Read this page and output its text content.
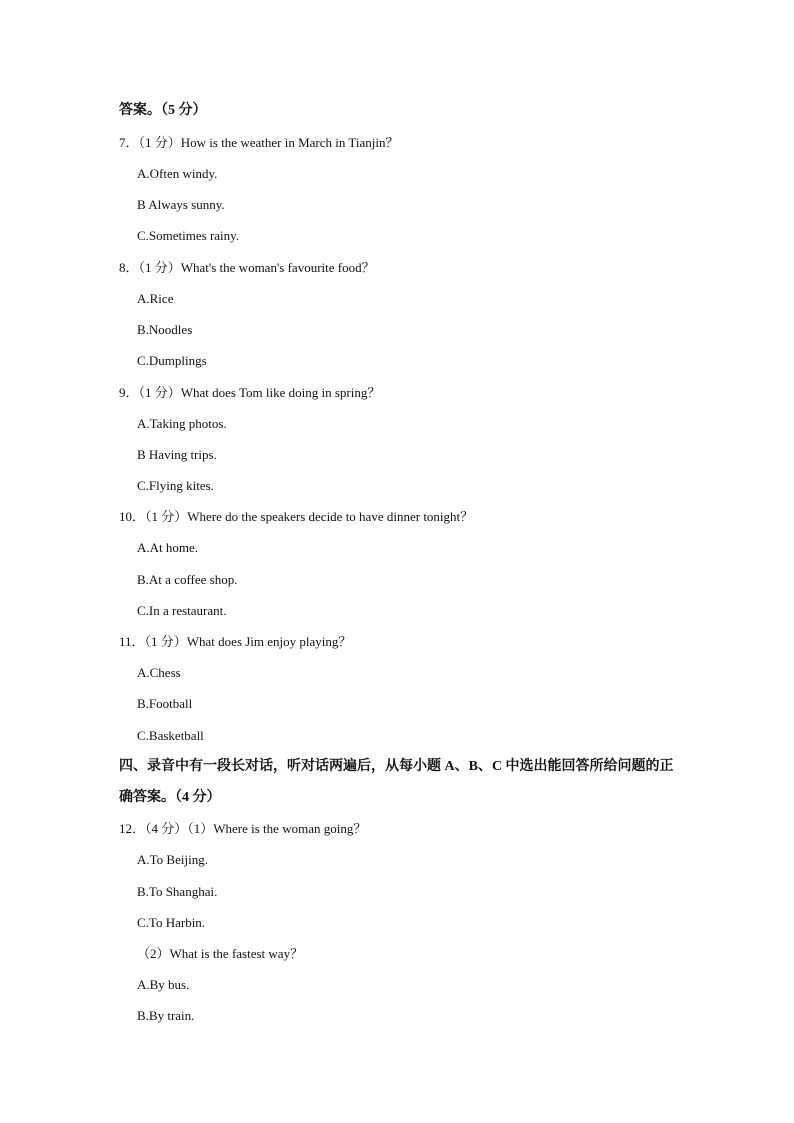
答案。（5 分）
7．（1 分）How is the weather in March in Tianjin？
A.Often windy.
B Always sunny.
C.Sometimes rainy.
8．（1 分）What's the woman's favourite food？
A.Rice
B.Noodles
C.Dumplings
9．（1 分）What does Tom like doing in spring？
A.Taking photos.
B Having trips.
C.Flying kites.
10．（1 分）Where do the speakers decide to have dinner tonight？
A.At home.
B.At a coffee shop.
C.In a restaurant.
11．（1 分）What does Jim enjoy playing？
A.Chess
B.Football
C.Basketball
四、录音中有一段长对话，听对话两遍后，从每小题 A、B、C 中选出能回答所给问题的正
确答案。（4 分）
12．（4 分）（1）Where is the woman going？
A.To Beijing.
B.To Shanghai.
C.To Harbin.
（2）What is the fastest way？
A.By bus.
B.By train.
